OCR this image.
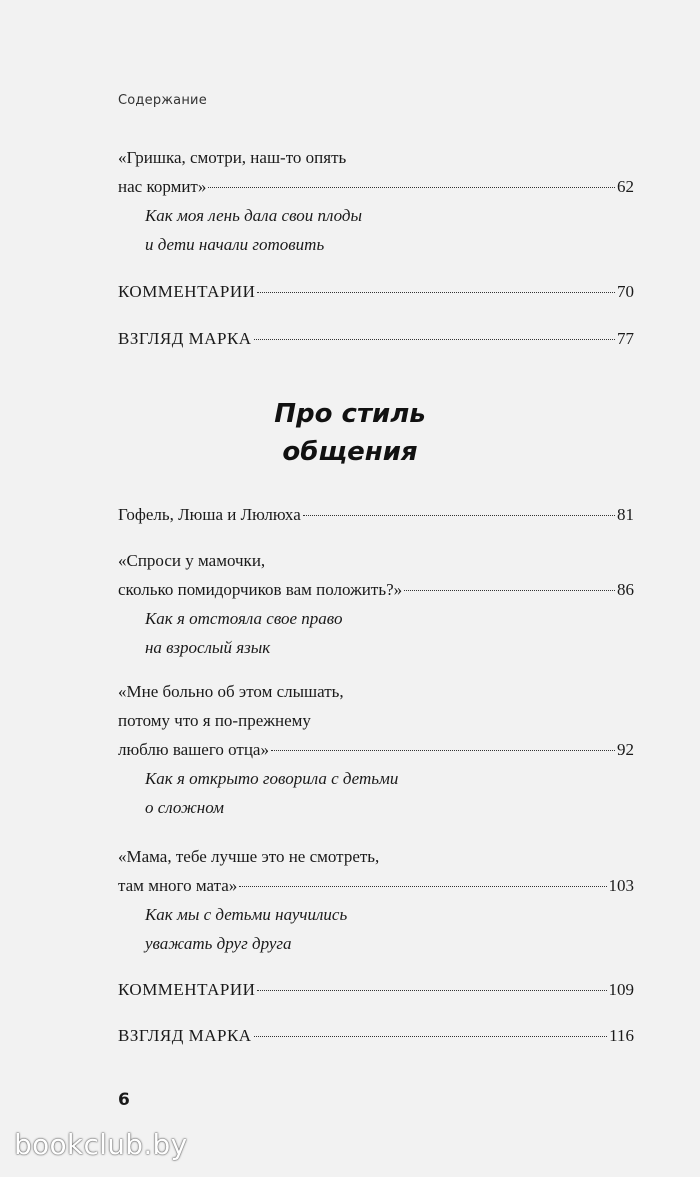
Содержание
«Гришка, смотри, наш-то опять
нас кормит»	62
Как моя лень дала свои плоды
и дети начали готовить
КОММЕНТАРИИ	70
ВЗГЛЯД МАРКА	77
Про стиль
общения
Гофель, Люша и Люлюха	81
«Спроси у мамочки,
сколько помидорчиков вам положить?»	86
Как я отстояла свое право
на взрослый язык
«Мне больно об этом слышать,
потому что я по-прежнему
люблю вашего отца»	92
Как я открыто говорила с детьми
о сложном
«Мама, тебе лучше это не смотреть,
там много мата»	103
Как мы с детьми научились
уважать друг друга
КОММЕНТАРИИ	109
ВЗГЛЯД МАРКА	116
6
bookclub.by
